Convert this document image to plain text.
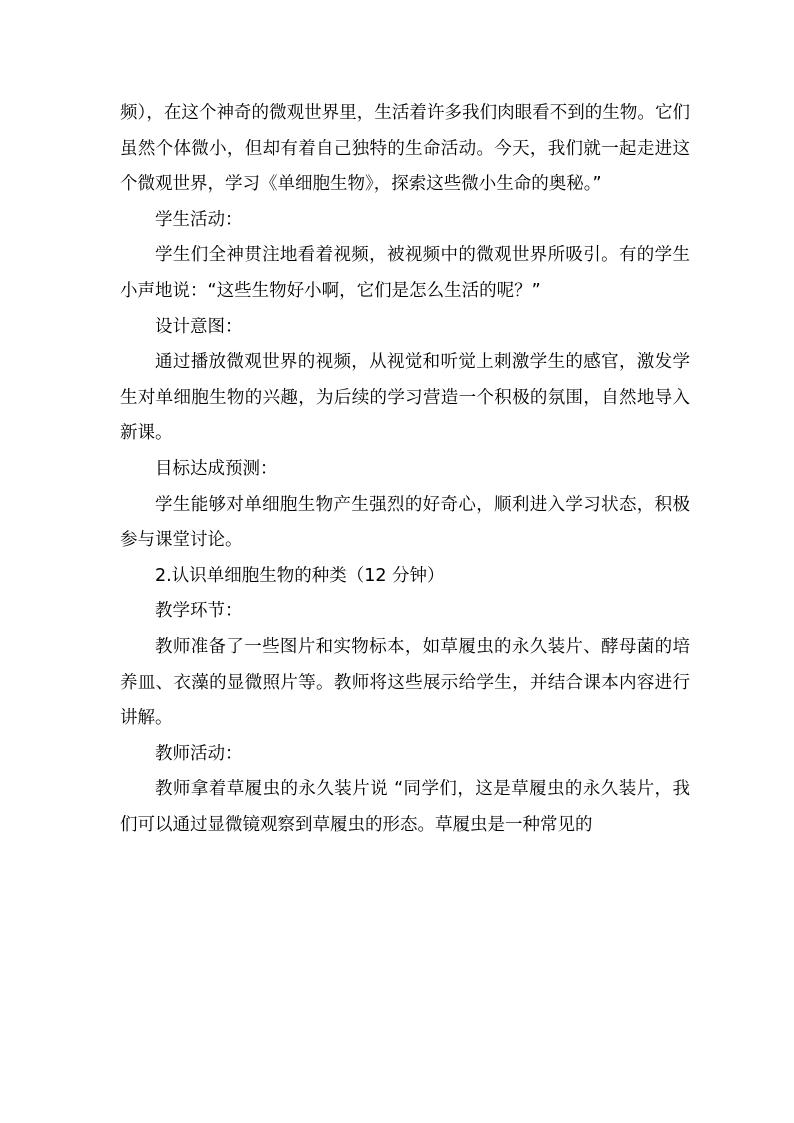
频），在这个神奇的微观世界里，生活着许多我们肉眼看不到的生物。它们虽然个体微小，但却有着自己独特的生命活动。今天，我们就一起走进这个微观世界，学习《单细胞生物》，探索这些微小生命的奥秘。”

学生活动：

学生们全神贯注地看着视频，被视频中的微观世界所吸引。有的学生小声地说：“这些生物好小啊，它们是怎么生活的呢？”

设计意图：

通过播放微观世界的视频，从视觉和听觉上刺激学生的感官，激发学生对单细胞生物的兴趣，为后续的学习营造一个积极的氛围，自然地导入新课。

目标达成预测：

学生能够对单细胞生物产生强烈的好奇心，顺利进入学习状态，积极参与课堂讨论。

2.认识单细胞生物的种类（12 分钟）

教学环节：

教师准备了一些图片和实物标本，如草履虫的永久装片、酵母菌的培养皿、衣藻的显微照片等。教师将这些展示给学生，并结合课本内容进行讲解。

教师活动：

教师拿着草履虫的永久装片说 “同学们，这是草履虫的永久装片，我们可以通过显微镜观察到草履虫的形态。草履虫是一种常见的
